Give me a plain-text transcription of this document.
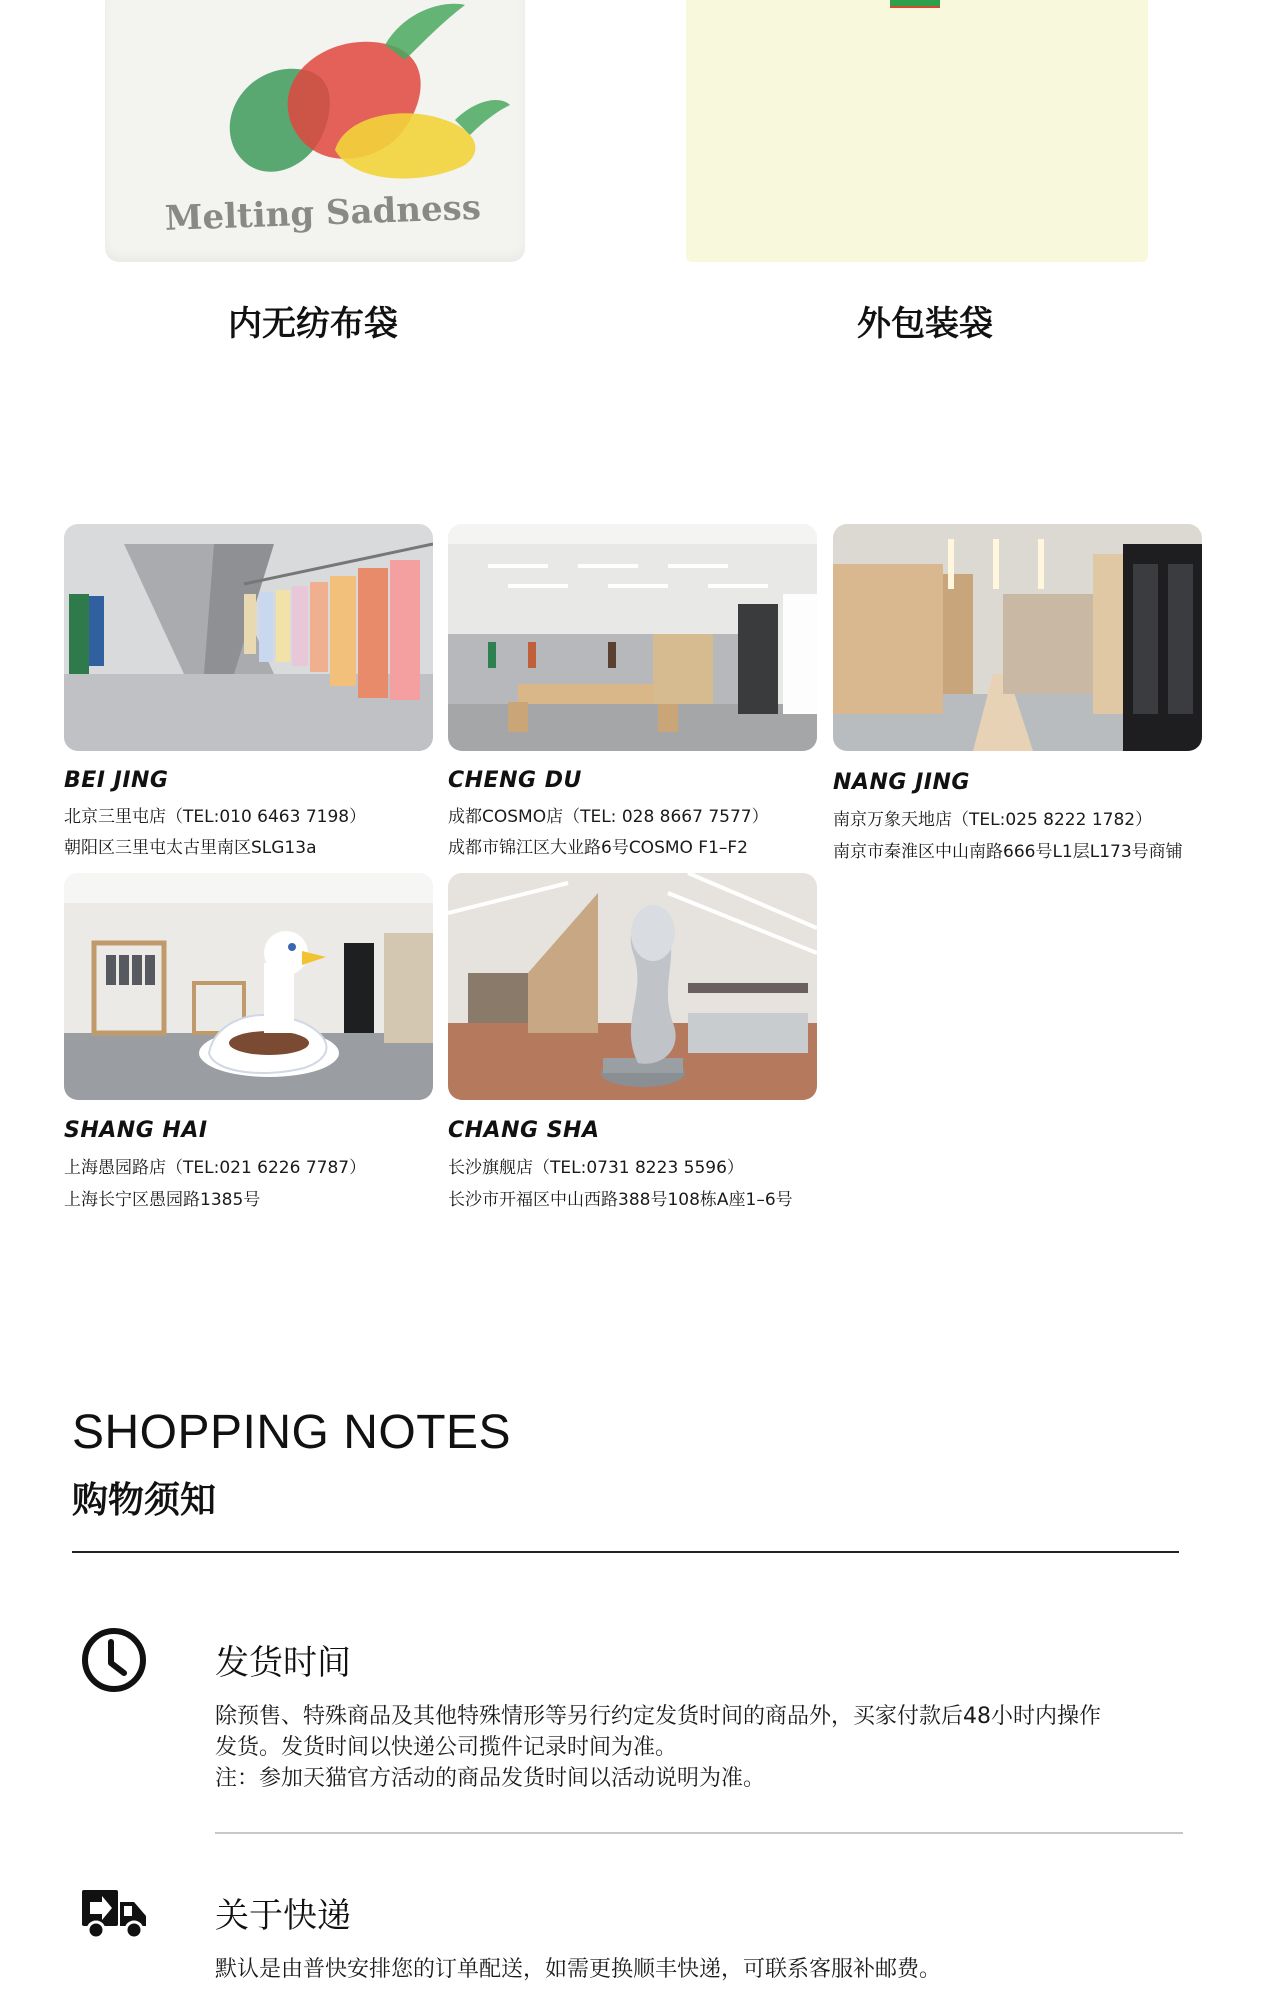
Melting Sadness
内无纺布袋	外包装袋
BEI JING
北京三里屯店（TEL:010 6463 7198）
朝阳区三里屯太古里南区SLG13a
CHENG DU
成都COSMO店（TEL: 028 8667 7577）
成都市锦江区大业路6号COSMO F1–F2
NANG JING
南京万象天地店（TEL:025 8222 1782）
南京市秦淮区中山南路666号L1层L173号商铺
SHANG HAI
上海愚园路店（TEL:021 6226 7787）
上海长宁区愚园路1385号
CHANG SHA
长沙旗舰店（TEL:0731 8223 5596）
长沙市开福区中山西路388号108栋A座1–6号
SHOPPING NOTES
购物须知
发货时间
除预售、特殊商品及其他特殊情形等另行约定发货时间的商品外，买家付款后48小时内操作
发货。发货时间以快递公司揽件记录时间为准。
注：参加天猫官方活动的商品发货时间以活动说明为准。
关于快递
默认是由普快安排您的订单配送，如需更换顺丰快递，可联系客服补邮费。
